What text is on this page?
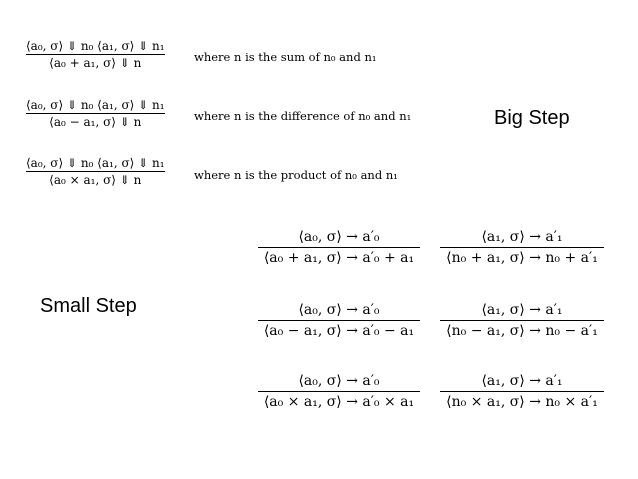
⟨a₀, σ⟩ ⇓ n₀ ⟨a₁, σ⟩ ⇓ n₁
⟨a₀ + a₁, σ⟩ ⇓ n	where n is the sum of n₀ and n₁
⟨a₀, σ⟩ ⇓ n₀ ⟨a₁, σ⟩ ⇓ n₁
⟨a₀ − a₁, σ⟩ ⇓ n	where n is the difference of n₀ and n₁
⟨a₀, σ⟩ ⇓ n₀ ⟨a₁, σ⟩ ⇓ n₁
⟨a₀ × a₁, σ⟩ ⇓ n	where n is the product of n₀ and n₁
Big Step
Small Step
⟨a₀, σ⟩ → a′₀
⟨a₀ + a₁, σ⟩ → a′₀ + a₁
⟨a₁, σ⟩ → a′₁
⟨n₀ + a₁, σ⟩ → n₀ + a′₁
⟨a₀, σ⟩ → a′₀
⟨a₀ − a₁, σ⟩ → a′₀ − a₁
⟨a₁, σ⟩ → a′₁
⟨n₀ − a₁, σ⟩ → n₀ − a′₁
⟨a₀, σ⟩ → a′₀
⟨a₀ × a₁, σ⟩ → a′₀ × a₁
⟨a₁, σ⟩ → a′₁
⟨n₀ × a₁, σ⟩ → n₀ × a′₁
